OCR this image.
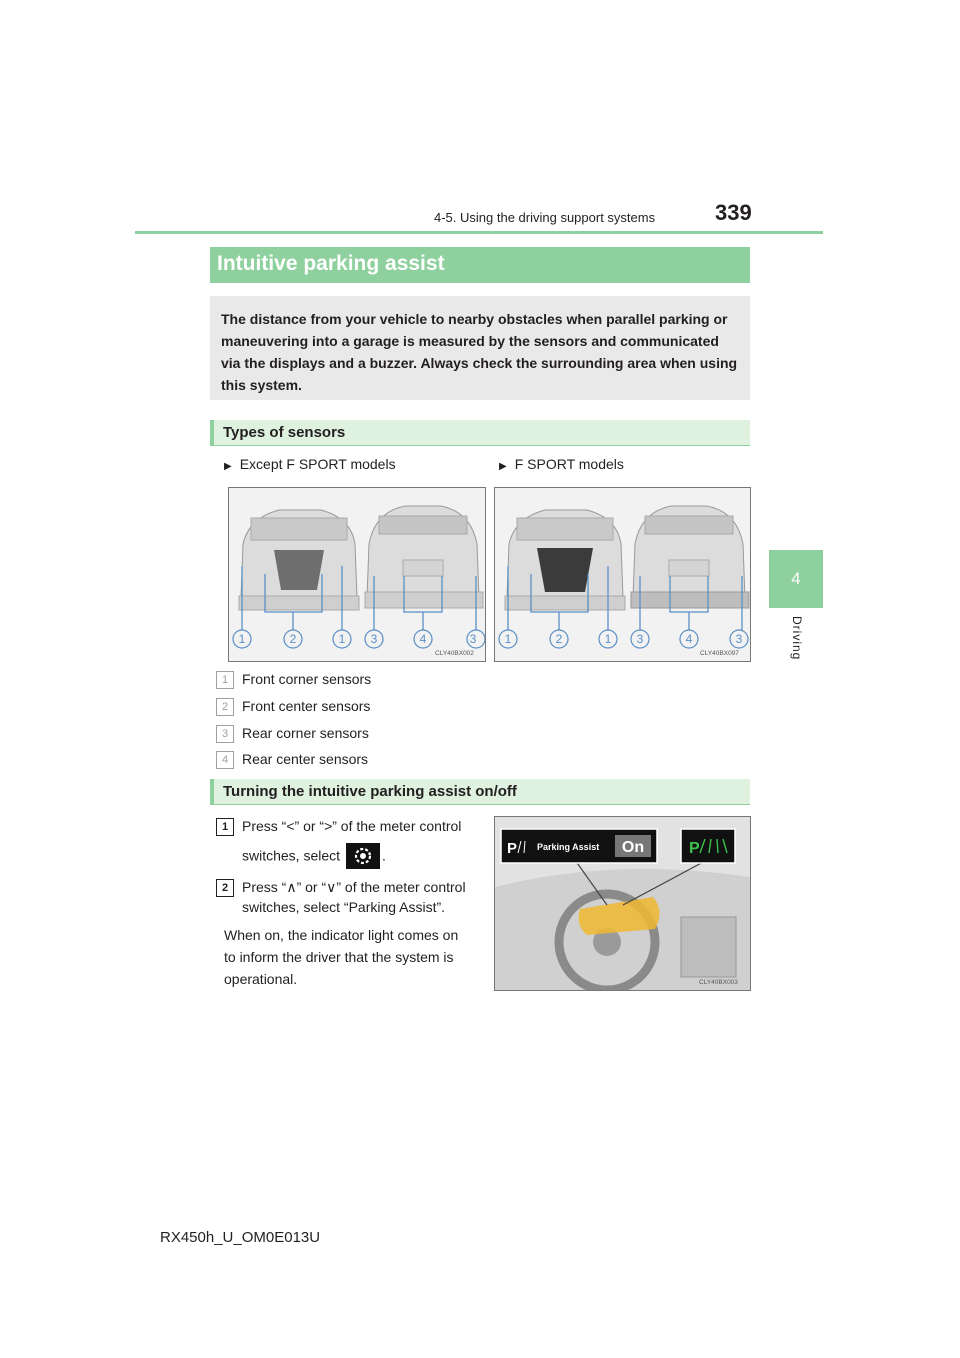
4-5. Using the driving support systems	339
4
Driving
Intuitive parking assist
The distance from your vehicle to nearby obstacles when parallel parking or maneuvering into a garage is measured by the sensors and communicated via the displays and a buzzer. Always check the surrounding area when using this system.
Types of sensors
▶ Except F SPORT models	▶ F SPORT models
1	2	1 3	4	3
CLY40BX002
1	2	1 3	4	3
CLY40BX097
1 Front corner sensors
2 Front center sensors
3 Rear corner sensors
4 Rear center sensors
Turning the intuitive parking assist on/off
1 Press “<” or “>” of the meter control
switches, select	.
2 Press “∧” or “∨” of the meter control
switches, select “Parking Assist”.
When on, the indicator light comes on
to inform the driver that the system is
operational.
P	P
Parking Assist On
CLY40BX003
RX450h_U_OM0E013U
